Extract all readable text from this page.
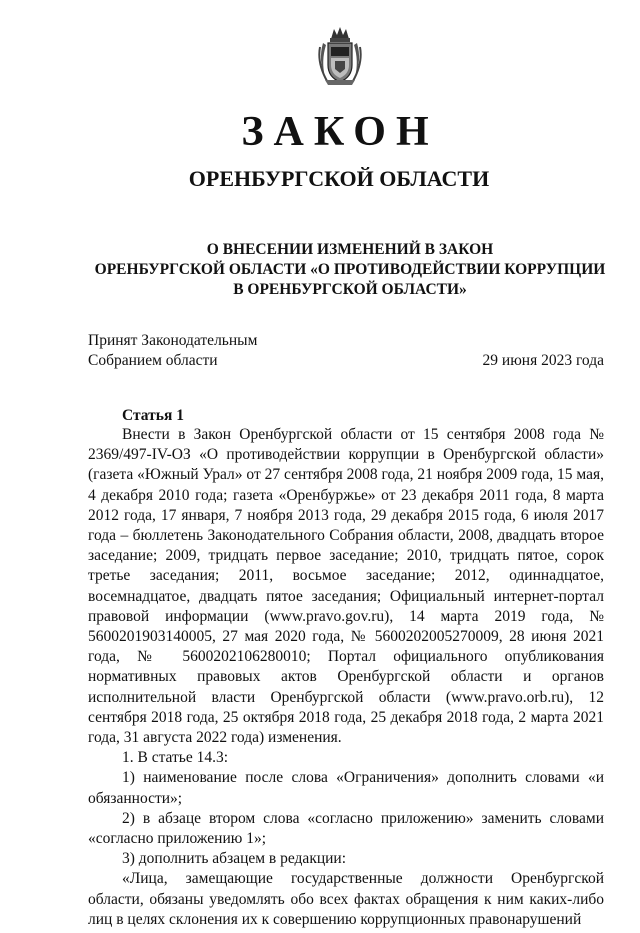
ЗАКОН
ОРЕНБУРГСКОЙ ОБЛАСТИ
О ВНЕСЕНИИ ИЗМЕНЕНИЙ В ЗАКОН
ОРЕНБУРГСКОЙ ОБЛАСТИ «О ПРОТИВОДЕЙСТВИИ КОРРУПЦИИ
В ОРЕНБУРГСКОЙ ОБЛАСТИ»
Принят Законодательным
Собранием области	29 июня 2023 года
Статья 1

Внести в Закон Оренбургской области от 15 сентября 2008 года № 2369/497-IV-ОЗ «О противодействии коррупции в Оренбургской области» (газета «Южный Урал» от 27 сентября 2008 года, 21 ноября 2009 года, 15 мая, 4 декабря 2010 года; газета «Оренбуржье» от 23 декабря 2011 года, 8 марта 2012 года, 17 января, 7 ноября 2013 года, 29 декабря 2015 года, 6 июля 2017 года – бюллетень Законодательного Собрания области, 2008, двадцать второе заседание; 2009, тридцать первое заседание; 2010, тридцать пятое, сорок третье заседания; 2011, восьмое заседание; 2012, одиннадцатое, восемнадцатое, двадцать пятое заседания; Официальный интернет-портал правовой информации (www.pravo.gov.ru), 14 марта 2019 года, № 5600201903140005, 27 мая 2020 года, № 5600202005270009, 28 июня 2021 года, № 5600202106280010; Портал официального опубликования нормативных правовых актов Оренбургской области и органов исполнительной власти Оренбургской области (www.pravo.orb.ru), 12 сентября 2018 года, 25 октября 2018 года, 25 декабря 2018 года, 2 марта 2021 года, 31 августа 2022 года) изменения.

1. В статье 14.3:

1) наименование после слова «Ограничения» дополнить словами «и обязанности»;

2) в абзаце втором слова «согласно приложению» заменить словами «согласно приложению 1»;

3) дополнить абзацем в редакции:

«Лица, замещающие государственные должности Оренбургской области, обязаны уведомлять обо всех фактах обращения к ним каких-либо лиц в целях склонения их к совершению коррупционных правонарушений
